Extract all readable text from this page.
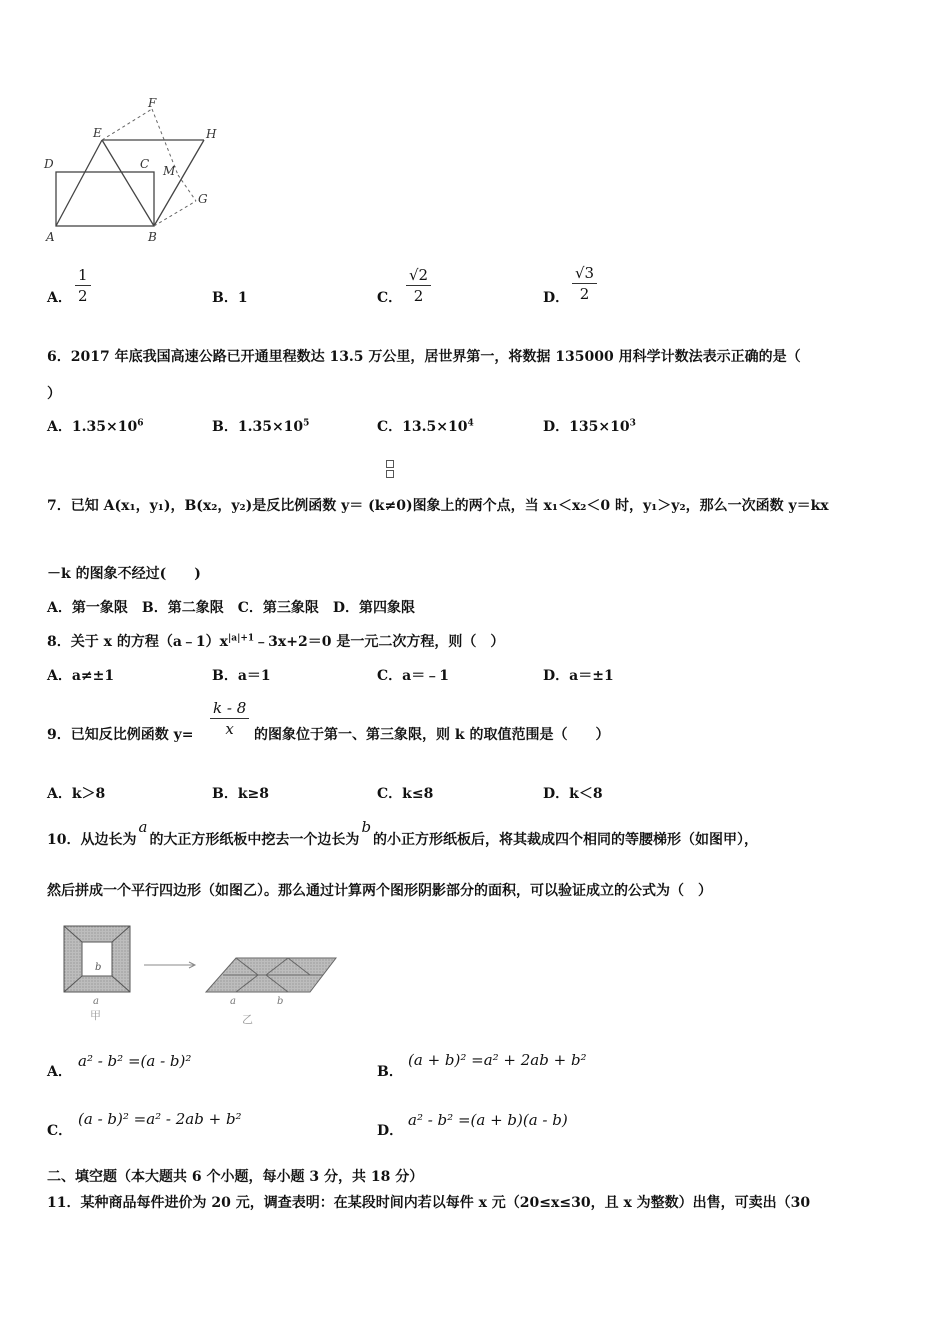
F
E	H
D	C M
G
A	B
A． $\frac{1}{2}$	B．1	C． $\frac{√2}{2}$	D． $\frac{√3}{2}$
6．2017 年底我国高速公路已开通里程数达 13.5 万公里，居世界第一，将数据 135000 用科学计数法表示正确的是（
）
A．$1.35\times 10^6$	B．$1.35\times 10^5$	C．$13.5\times 10^4$	D．$135\times 10^3$

7．已知 A(x₁，y₁)，B(x₂，y₂)是反比例函数 y＝ (k≠0)图象上的两个点，当 x₁＜x₂＜0 时，y₁＞y₂，那么一次函数 y＝kx
－k 的图象不经过(　　)
A．第一象限　B．第二象限　C．第三象限　D．第四象限
8．关于 x 的方程$(a﹣1)x^{|a|+1}﹣3x+2=0$ 是一元二次方程，则（　）
A．a≠±1	B．a＝1	C．a＝﹣1	D．a＝±1
9．已知反比例函数 $y= \frac{k - 8}{x}$ 的图象位于第一、第三象限，则 k 的取值范围是（　　）
A．k＞8	B．k≥8	C．k≤8	D．k＜8
10．从边长为a的大正方形纸板中挖去一个边长为b的小正方形纸板后，将其裁成四个相同的等腰梯形（如图甲），
然后拼成一个平行四边形（如图乙）。那么通过计算两个图形阴影部分的面积，可以验证成立的公式为（　）
b
a
甲
a	b
乙
A．
a² - b² =(a - b)²
B．
(a + b)² =a² + 2ab + b²
C．
(a - b)² =a² - 2ab + b²
D．
a² - b² =(a + b)(a - b)
二、填空题（本大题共 6 个小题，每小题 3 分，共 18 分）
11．某种商品每件进价为 20 元，调查表明：在某段时间内若以每件 x 元（20≤x≤30，且 x 为整数）出售，可卖出（30
